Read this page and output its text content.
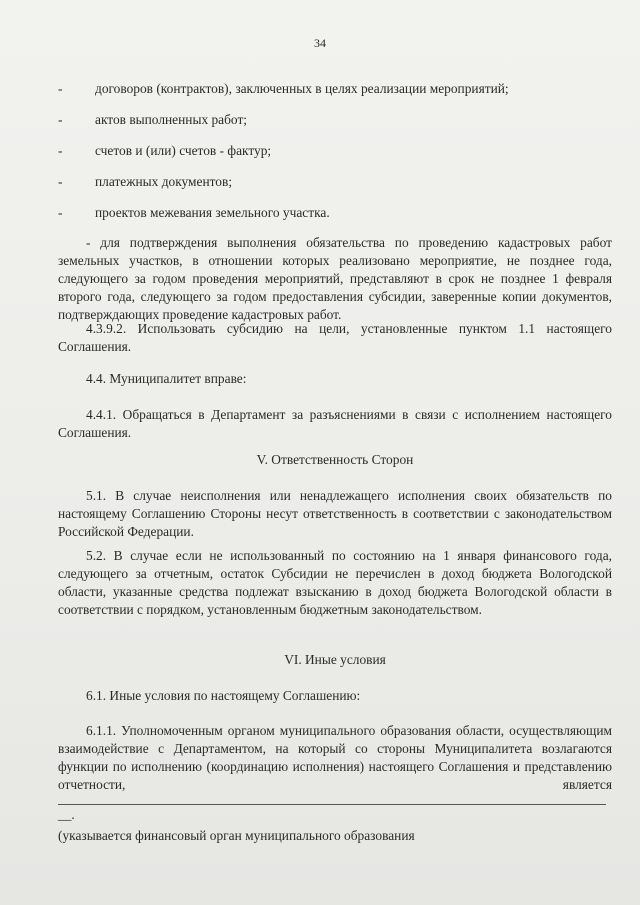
34
- договоров (контрактов), заключенных в целях реализации мероприятий;
- актов выполненных работ;
- счетов и (или) счетов - фактур;
- платежных документов;
- проектов межевания земельного участка.
- для подтверждения выполнения обязательства по проведению кадастровых работ земельных участков, в отношении которых реализовано мероприятие, не позднее года, следующего за годом проведения мероприятий, представляют в срок не позднее 1 февраля второго года, следующего за годом предоставления субсидии, заверенные копии документов, подтверждающих проведение кадастровых работ.
4.3.9.2. Использовать субсидию на цели, установленные пунктом 1.1 настоящего Соглашения.
4.4. Муниципалитет вправе:
4.4.1. Обращаться в Департамент за разъяснениями в связи с исполнением настоящего Соглашения.
V. Ответственность Сторон
5.1. В случае неисполнения или ненадлежащего исполнения своих обязательств по настоящему Соглашению Стороны несут ответственность в соответствии с законодательством Российской Федерации.
5.2. В случае если не использованный по состоянию на 1 января финансового года, следующего за отчетным, остаток Субсидии не перечислен в доход бюджета Вологодской области, указанные средства подлежат взысканию в доход бюджета Вологодской области в соответствии с порядком, установленным бюджетным законодательством.
VI. Иные условия
6.1. Иные условия по настоящему Соглашению:
6.1.1. Уполномоченным органом муниципального образования области, осуществляющим взаимодействие с Департаментом, на который со стороны Муниципалитета возлагаются функции по исполнению (координацию исполнения) настоящего Соглашения и представлению отчетности, является
__.
(указывается финансовый орган муниципального образования
